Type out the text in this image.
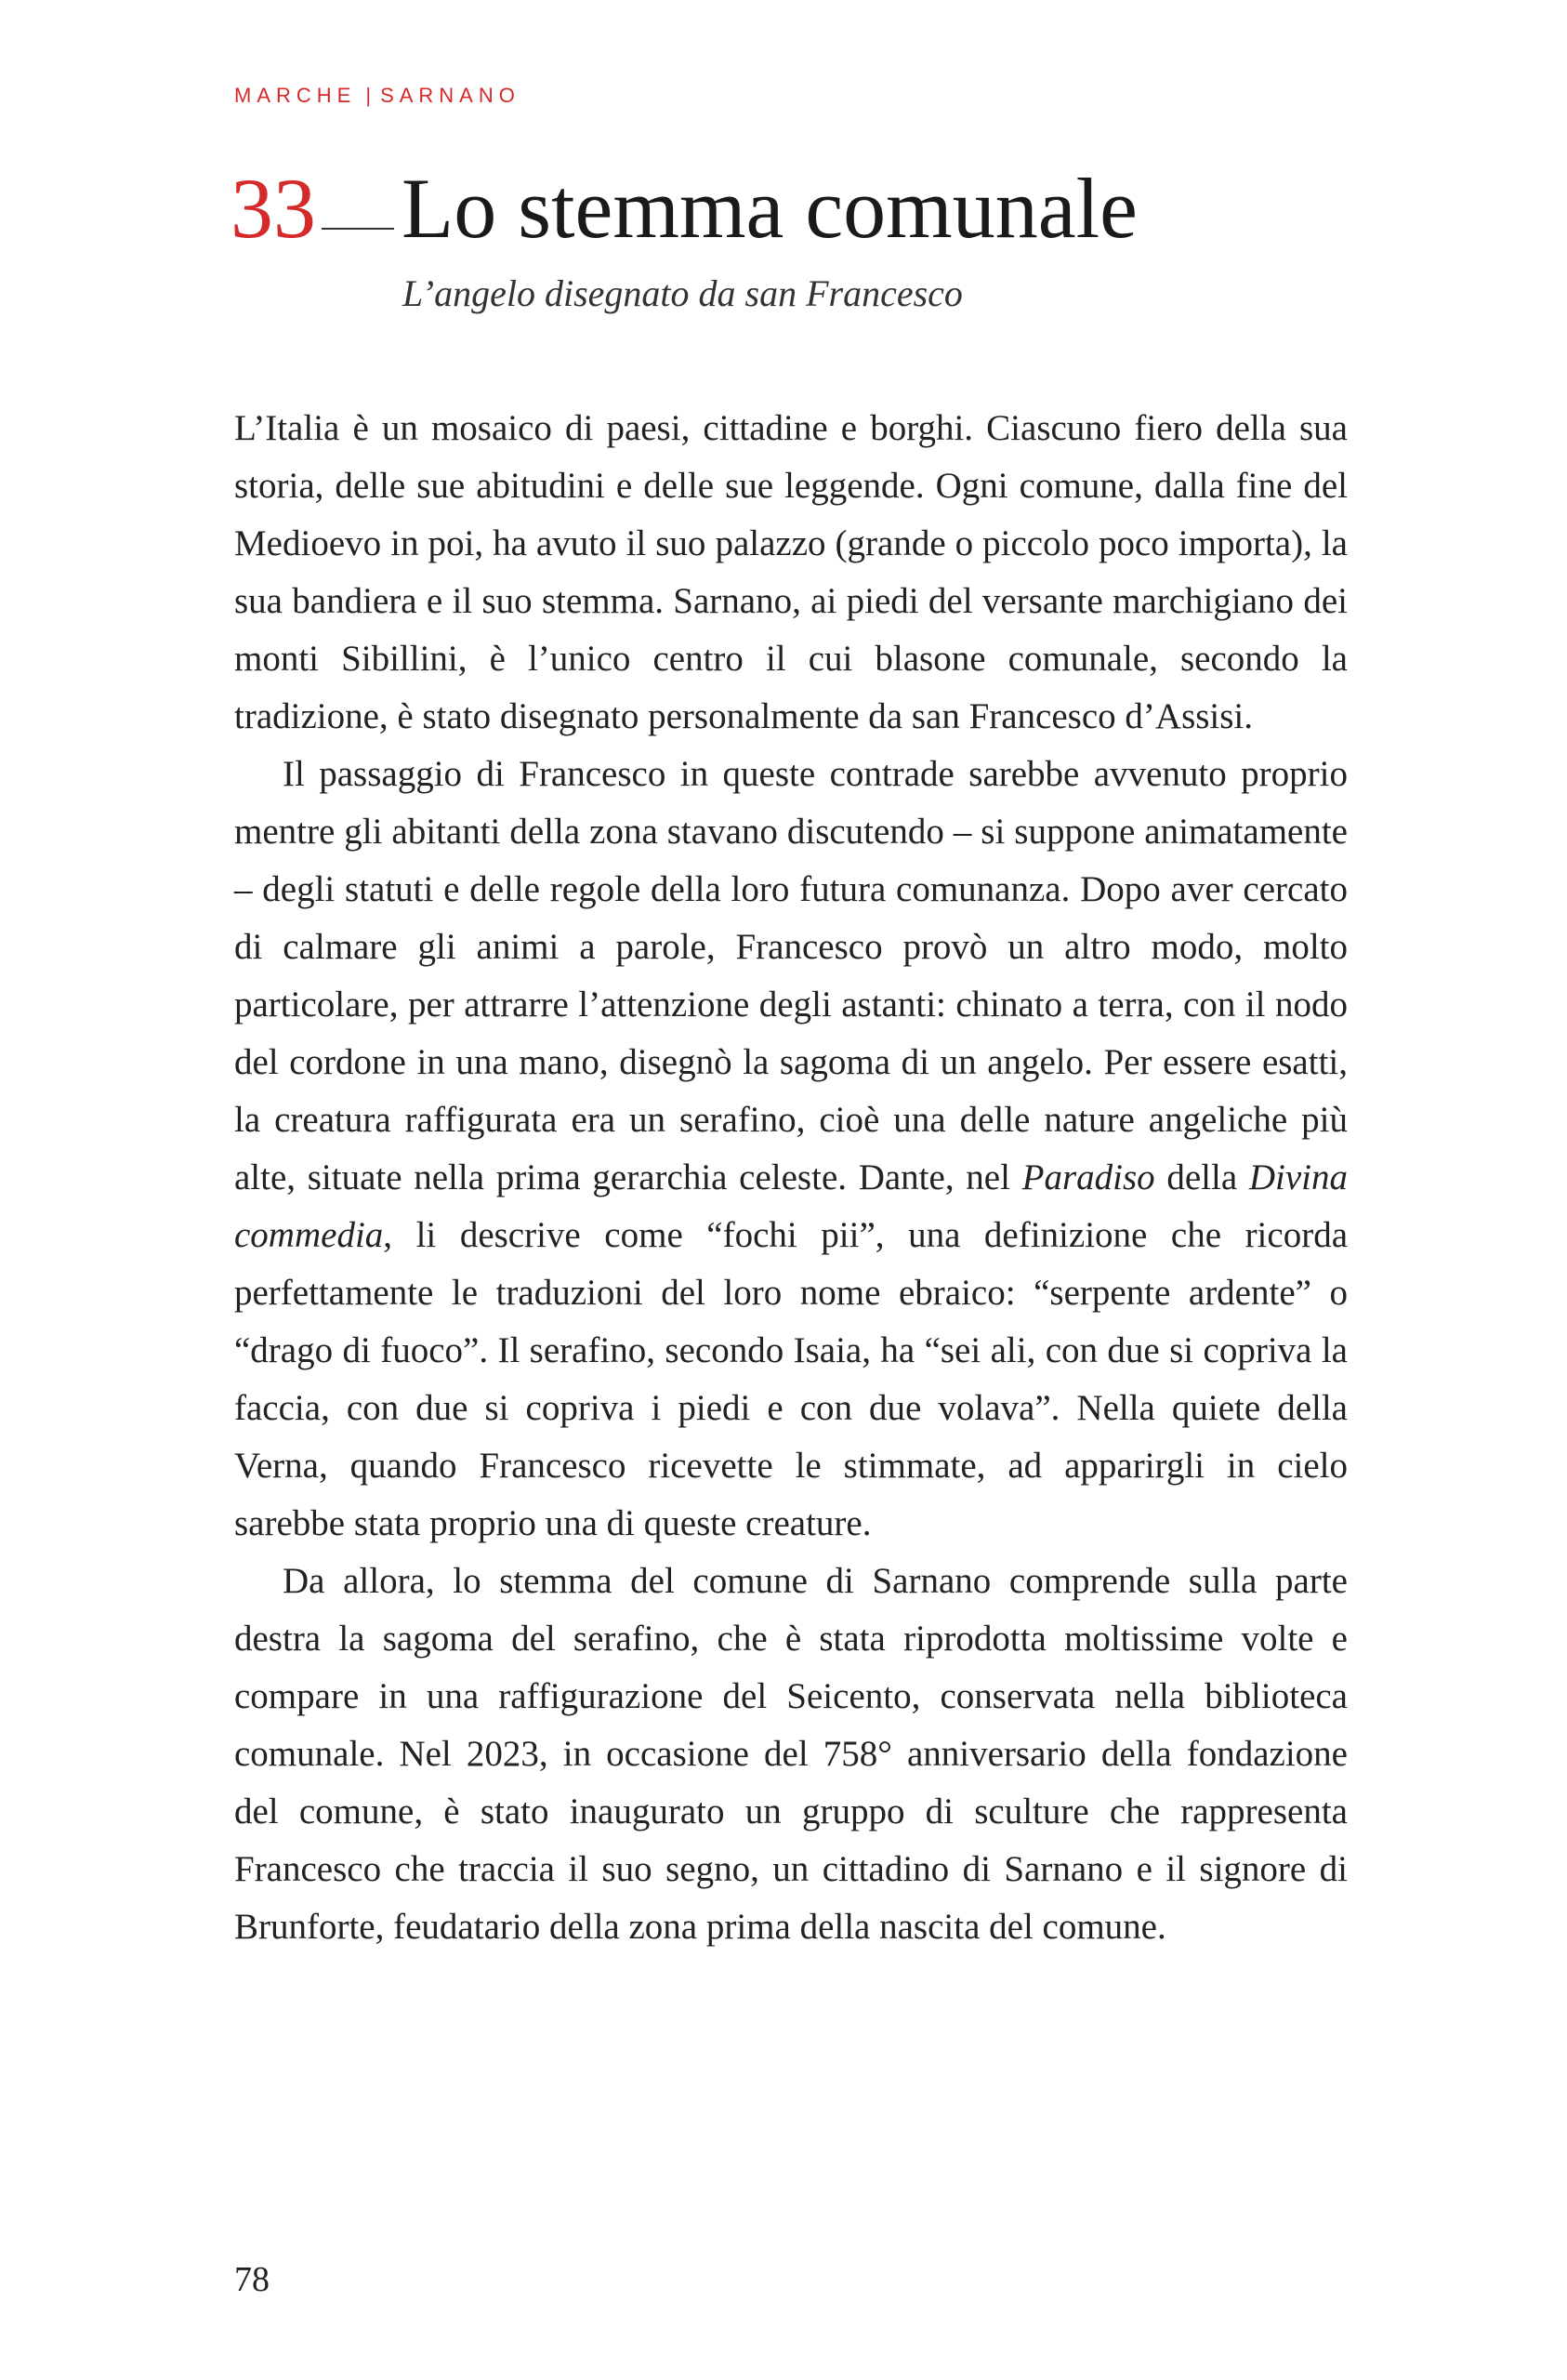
MARCHE | SARNANO
33 Lo stemma comunale
L’angelo disegnato da san Francesco

L’Italia è un mosaico di paesi, cittadine e borghi. Ciascuno fiero della sua storia, delle sue abitudini e delle sue leggende. Ogni comune, dalla fine del Medioevo in poi, ha avuto il suo palazzo (grande o piccolo poco importa), la sua bandiera e il suo stemma. Sarnano, ai piedi del versante marchigiano dei monti Sibillini, è l’unico centro il cui blasone comunale, secondo la tradizione, è stato disegnato personalmente da san Francesco d’Assisi.

Il passaggio di Francesco in queste contrade sarebbe avvenuto proprio mentre gli abitanti della zona stavano discutendo – si suppone animatamente – degli statuti e delle regole della loro futura comunanza. Dopo aver cercato di calmare gli animi a parole, Francesco provò un altro modo, molto particolare, per attrarre l’attenzione degli astanti: chinato a terra, con il nodo del cordone in una mano, disegnò la sagoma di un angelo. Per essere esatti, la creatura raffigurata era un serafino, cioè una delle nature angeliche più alte, situate nella prima gerarchia celeste. Dante, nel Paradiso della Divina commedia, li descrive come “fochi pii”, una definizione che ricorda perfettamente le traduzioni del loro nome ebraico: “serpente ardente” o “drago di fuoco”. Il serafino, secondo Isaia, ha “sei ali, con due si copriva la faccia, con due si copriva i piedi e con due volava”. Nella quiete della Verna, quando Francesco ricevette le stimmate, ad apparirgli in cielo sarebbe stata proprio una di queste creature.

Da allora, lo stemma del comune di Sarnano comprende sulla parte destra la sagoma del serafino, che è stata riprodotta moltissime volte e compare in una raffigurazione del Seicento, conservata nella biblioteca comunale. Nel 2023, in occasione del 758° anniversario della fondazione del comune, è stato inaugurato un gruppo di sculture che rappresenta Francesco che traccia il suo segno, un cittadino di Sarnano e il signore di Brunforte, feudatario della zona prima della nascita del comune.

78
